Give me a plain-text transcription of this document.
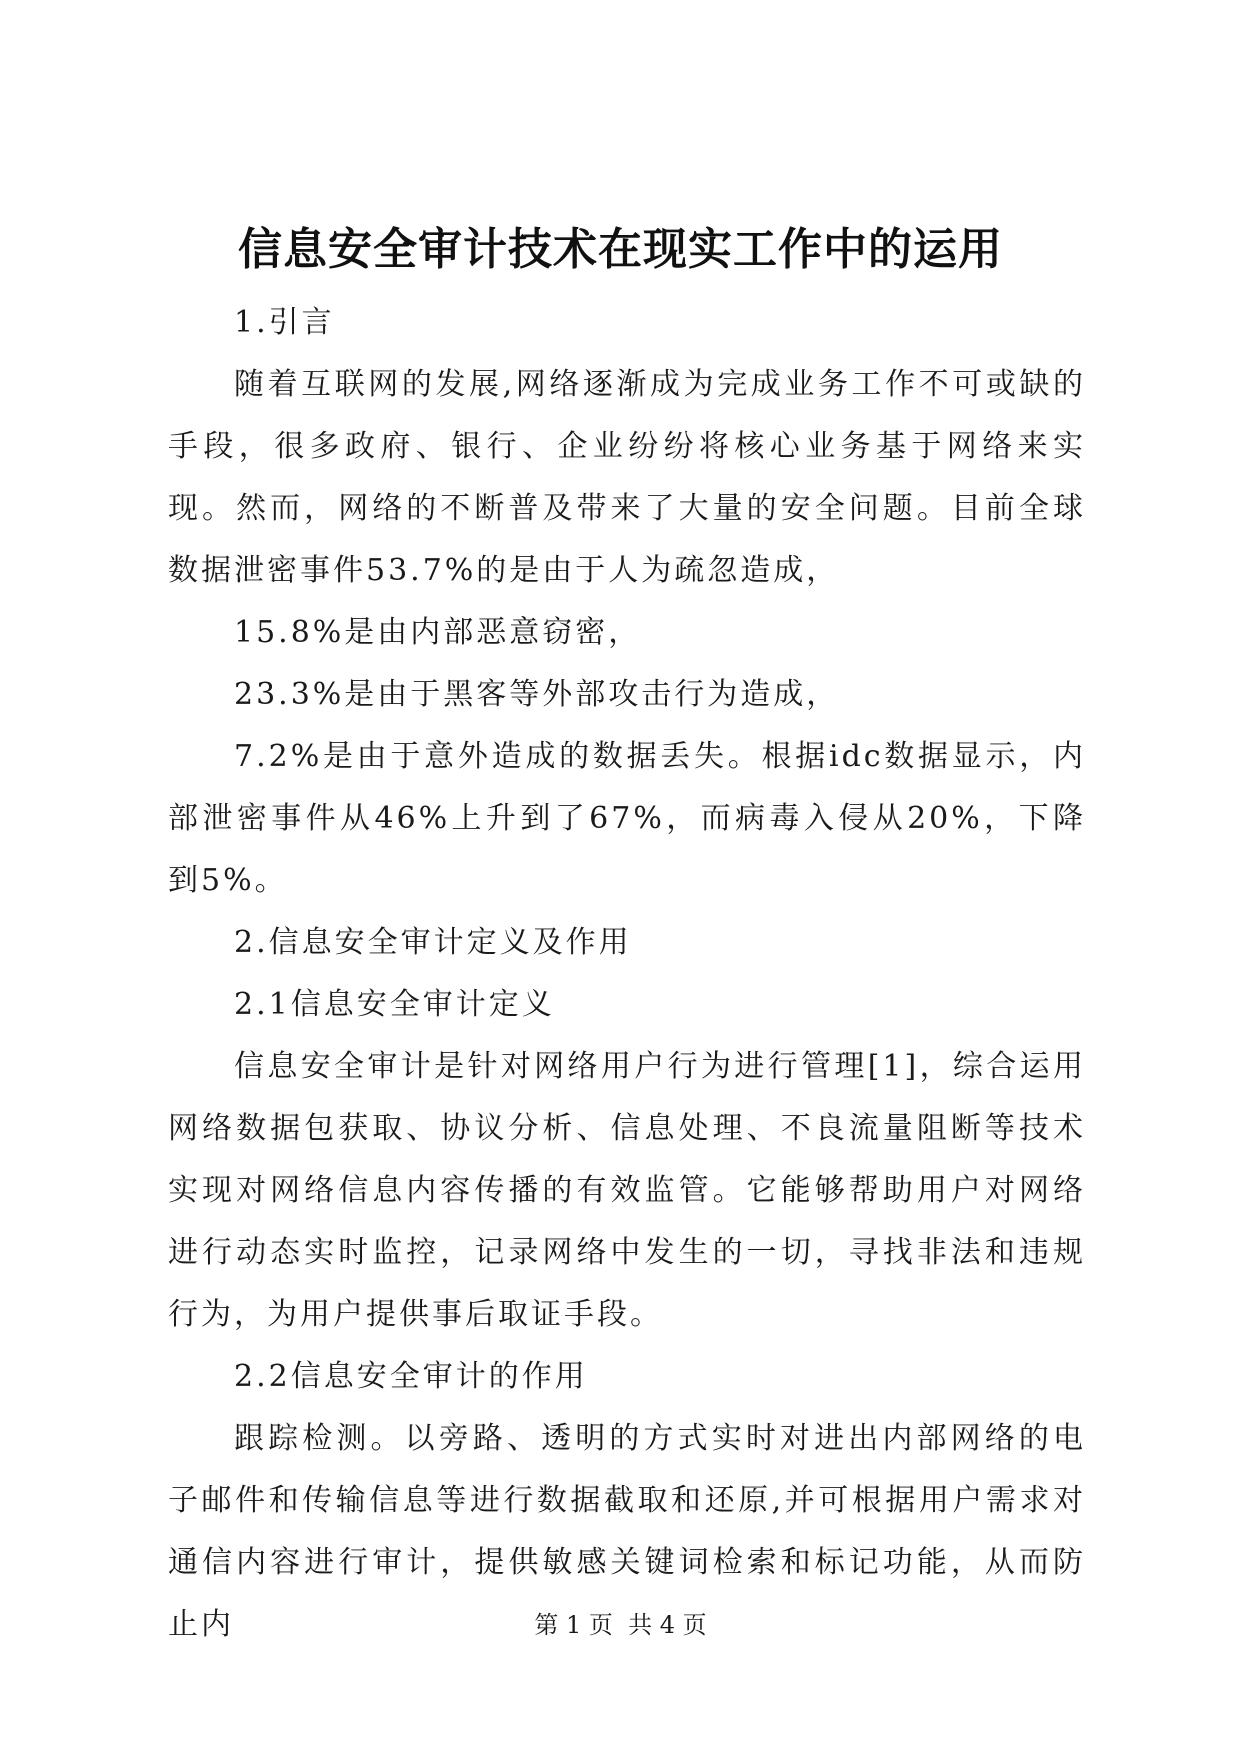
信息安全审计技术在现实工作中的运用

1.引言

随着互联网的发展,网络逐渐成为完成业务工作不可或缺的手段，很多政府、银行、企业纷纷将核心业务基于网络来实现。然而，网络的不断普及带来了大量的安全问题。目前全球数据泄密事件53.7%的是由于人为疏忽造成，

15.8%是由内部恶意窃密，

23.3%是由于黑客等外部攻击行为造成，

7.2%是由于意外造成的数据丢失。根据idc数据显示，内部泄密事件从46%上升到了67%，而病毒入侵从20%，下降到5%。

2.信息安全审计定义及作用

2.1信息安全审计定义

信息安全审计是针对网络用户行为进行管理[1]，综合运用网络数据包获取、协议分析、信息处理、不良流量阻断等技术实现对网络信息内容传播的有效监管。它能够帮助用户对网络进行动态实时监控，记录网络中发生的一切，寻找非法和违规行为，为用户提供事后取证手段。

2.2信息安全审计的作用

跟踪检测。以旁路、透明的方式实时对进出内部网络的电子邮件和传输信息等进行数据截取和还原,并可根据用户需求对通信内容进行审计，提供敏感关键词检索和标记功能，从而防止内	第 1 页  共 4 页
